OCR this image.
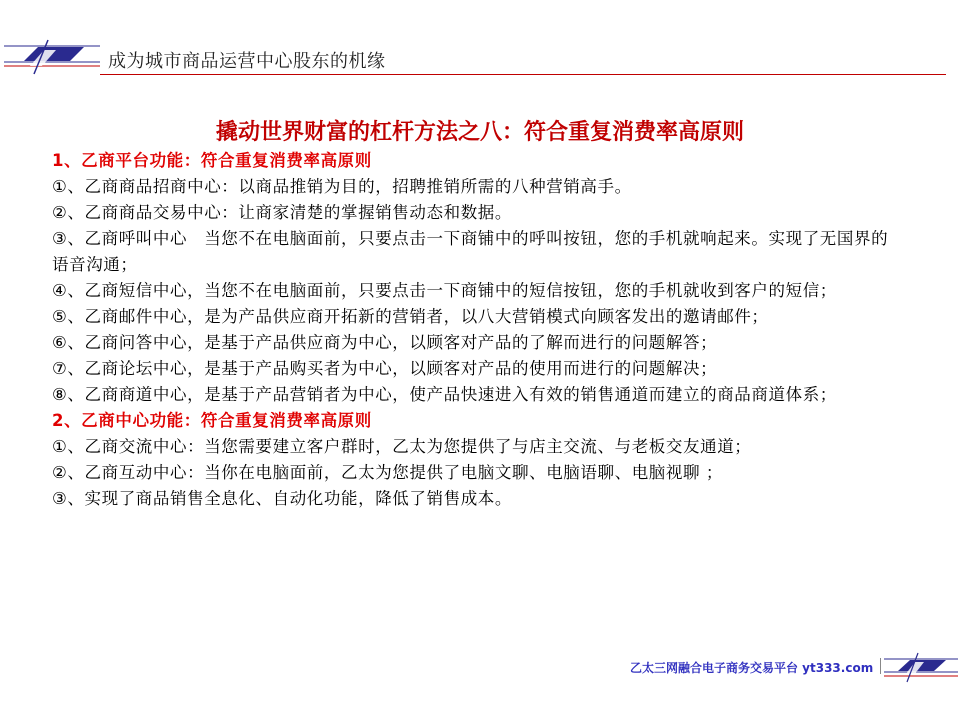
成为城市商品运营中心股东的机缘
撬动世界财富的杠杆方法之八：符合重复消费率高原则

1、乙商平台功能：符合重复消费率高原则

①、乙商商品招商中心：以商品推销为目的，招聘推销所需的八种营销高手。

②、乙商商品交易中心：让商家清楚的掌握销售动态和数据。

③、乙商呼叫中心　当您不在电脑面前，只要点击一下商铺中的呼叫按钮，您的手机就响起来。实现了无国界的语音沟通；

④、乙商短信中心，当您不在电脑面前，只要点击一下商铺中的短信按钮，您的手机就收到客户的短信；

⑤、乙商邮件中心，是为产品供应商开拓新的营销者，以八大营销模式向顾客发出的邀请邮件；

⑥、乙商问答中心，是基于产品供应商为中心，以顾客对产品的了解而进行的问题解答；

⑦、乙商论坛中心，是基于产品购买者为中心，以顾客对产品的使用而进行的问题解决；

⑧、乙商商道中心，是基于产品营销者为中心，使产品快速进入有效的销售通道而建立的商品商道体系；

2、乙商中心功能：符合重复消费率高原则

①、乙商交流中心：当您需要建立客户群时，乙太为您提供了与店主交流、与老板交友通道；

②、乙商互动中心：当你在电脑面前，乙太为您提供了电脑文聊、电脑语聊、电脑视聊 ；

③、实现了商品销售全息化、自动化功能，降低了销售成本。

乙太三网融合电子商务交易平台 yt333.com
